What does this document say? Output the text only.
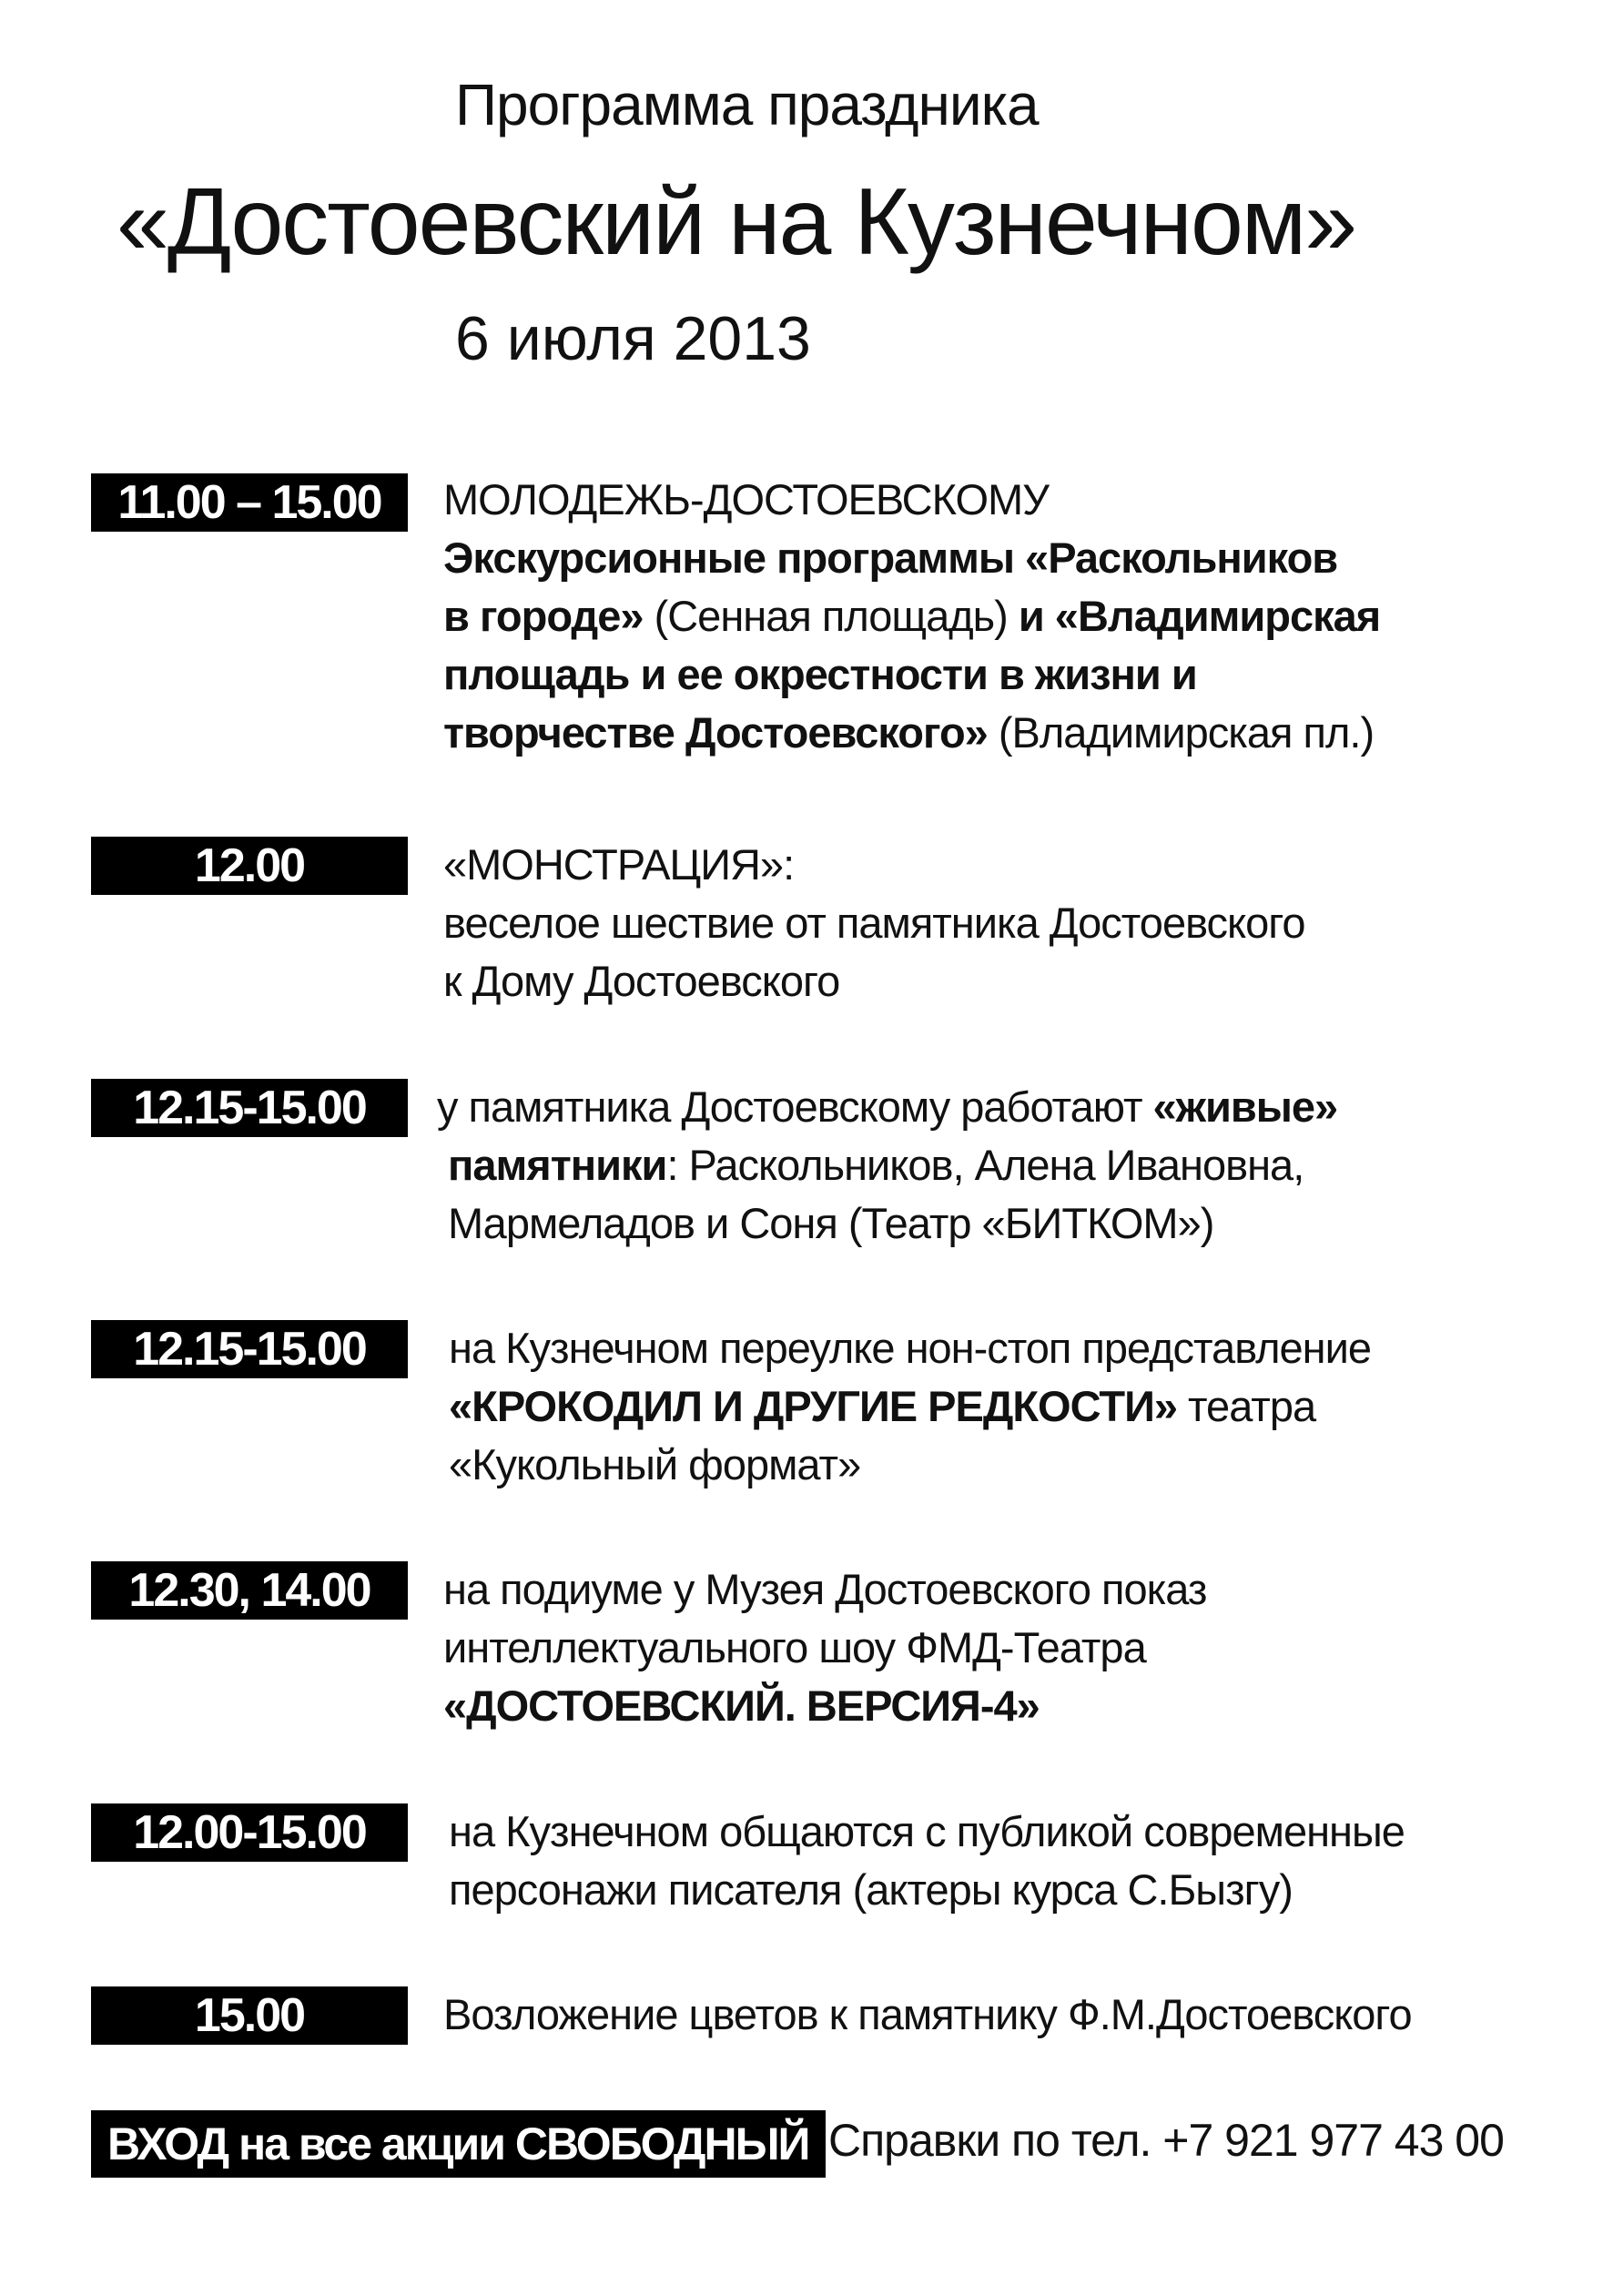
Программа праздника
«Достоевский на Кузнечном»
6 июля 2013
11.00 – 15.00	МОЛОДЕЖЬ-ДОСТОЕВСКОМУ
Экскурсионные программы «Раскольников
в городе» (Сенная площадь) и «Владимирская
площадь и ее окрестности в жизни и
творчестве Достоевского» (Владимирская пл.)
12.00	«МОНСТРАЦИЯ»:
веселое шествие от памятника Достоевского
к Дому Достоевского
12.15-15.00	у памятника Достоевскому работают «живые»
памятники: Раскольников, Алена Ивановна,
Мармеладов и Соня (Театр «БИТКОМ»)
12.15-15.00	на Кузнечном переулке нон-стоп представление
«КРОКОДИЛ И ДРУГИЕ РЕДКОСТИ» театра
«Кукольный формат»
12.30, 14.00	на подиуме у Музея Достоевского показ
интеллектуального шоу ФМД-Театра
«ДОСТОЕВСКИЙ. ВЕРСИЯ-4»
12.00-15.00	на Кузнечном общаются с публикой современные
персонажи писателя (актеры курса С.Бызгу)
15.00	Возложение цветов к памятнику Ф.М.Достоевского
ВХОД на все акции СВОБОДНЫЙ Справки по тел. +7 921 977 43 00
